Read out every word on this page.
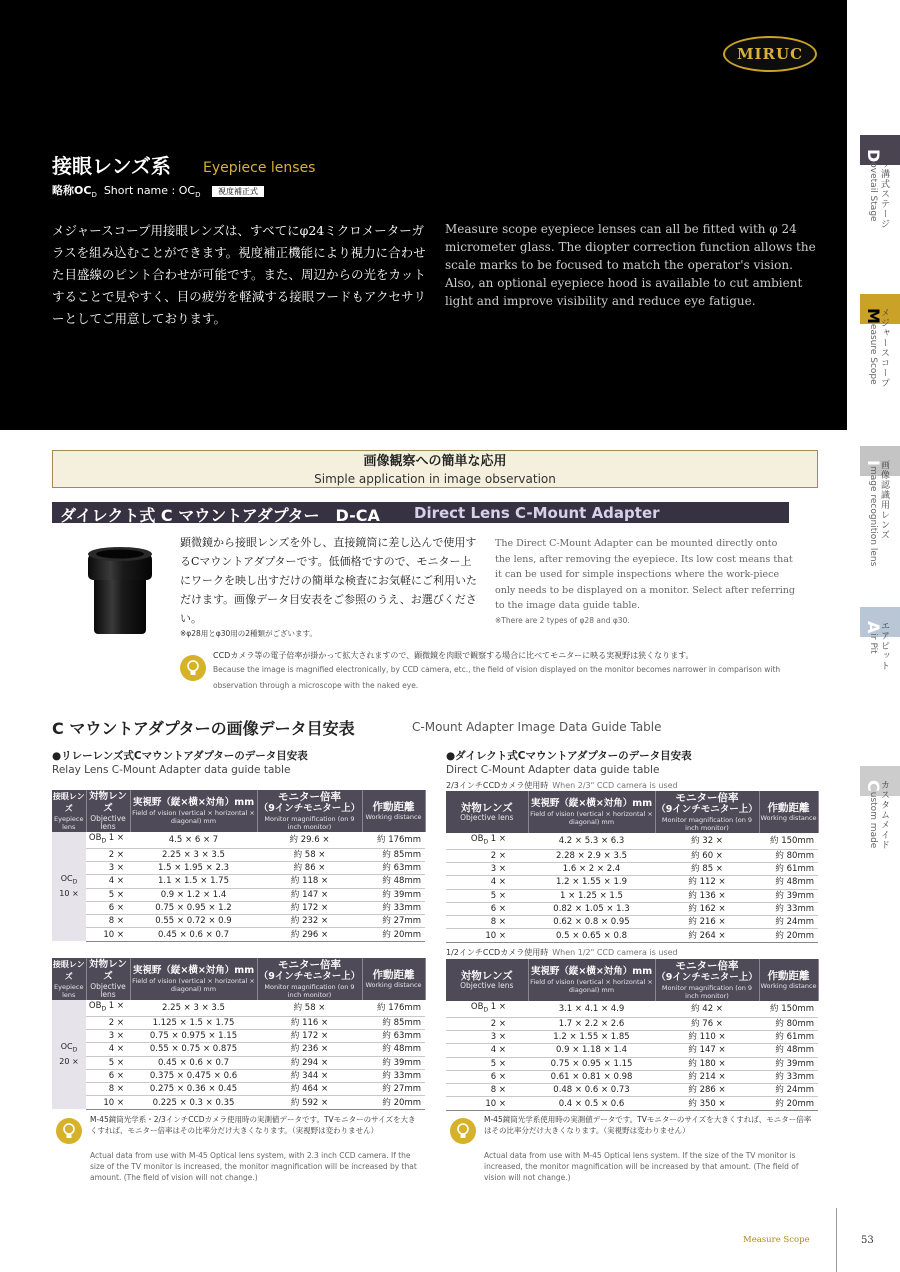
MIRUC
接眼レンズ系 Eyepiece lenses
略称$OC_D$ Short name : $OC_D$ 視度補正式
メジャースコープ用接眼レンズは、すべてにφ24ミクロメーターガラスを組み込むことができます。視度補正機能により視力に合わせた目盛線のピント合わせが可能です。また、周辺からの光をカットすることで見やすく、目の疲労を軽減する接眼フードもアクセサリーとしてご用意しております。
Measure scope eyepiece lenses can all be fitted with φ 24 micrometer glass. The diopter correction function allows the scale marks to be focused to match the operator's vision. Also, an optional eyepiece hood is available to cut ambient light and improve visibility and reduce eye fatigue.
Dovetail Stage アリ溝式ステージ
Measure Scope メジャースコープ
Image recognition lens 画像認識用レンズ
Air Pit エアピット
Custom made カスタムメイド
画像観察への簡単な応用
Simple application in image observation
ダイレクト式 C マウントアダプター　D-CA Direct Lens C-Mount Adapter
顕微鏡から接眼レンズを外し、直接鏡筒に差し込んで使用するCマウントアダプターです。低価格ですので、モニター上にワークを映し出すだけの簡単な検査にお気軽にご利用いただけます。画像データ目安表をご参照のうえ、お選びください。
※φ28用とφ30用の2種類がございます。
The Direct C-Mount Adapter can be mounted directly onto the lens, after removing the eyepiece. Its low cost means that it can be used for simple inspections where the work-piece only needs to be displayed on a monitor. Select after referring to the image data guide table.
※There are 2 types of φ28 and φ30.
CCDカメラ等の電子倍率が掛かって拡大されますので、顕微鏡を肉眼で観察する場合に比べてモニターに映る実視野は狭くなります。
Because the image is magnified electronically, by CCD camera, etc., the field of vision displayed on the monitor becomes narrower in comparison with observation through a microscope with the naked eye.
C マウントアダプターの画像データ目安表	C-Mount Adapter Image Data Guide Table
●リレーレンズ式Cマウントアダプターのデータ目安表
Relay Lens C-Mount Adapter data guide table
●ダイレクト式Cマウントアダプターのデータ目安表
Direct C-Mount Adapter data guide table
2/3インチCCDカメラ使用時 When 2/3" CCD camera is used
1/2インチCCDカメラ使用時 When 1/2" CCD camera is used
接眼レンズ
Eyepiece lens	対物レンズ
Objective lens	実視野（縦×横×対角）mm
Field of vision (vertical × horizontal × diagonal) mm	モニター倍率
（9インチモニター上）
Monitor magnification (on 9 inch monitor)	作動距離
Working distance

$OC_D$
10 ×	$OB_D$ 1 ×	4.5 × 6 × 7	約 29.6 ×	約 176mm
	2 ×	2.25 × 3 × 3.5	約 58 ×	約 85mm
	3 ×	1.5 × 1.95 × 2.3	約 86 ×	約 63mm
	4 ×	1.1 × 1.5 × 1.75	約 118 ×	約 48mm
	5 ×	0.9 × 1.2 × 1.4	約 147 ×	約 39mm
	6 ×	0.75 × 0.95 × 1.2	約 172 ×	約 33mm
	8 ×	0.55 × 0.72 × 0.9	約 232 ×	約 27mm
	10 ×	0.45 × 0.6 × 0.7	約 296 ×	約 20mm
接眼レンズ
Eyepiece lens	対物レンズ
Objective lens	実視野（縦×横×対角）mm
Field of vision (vertical × horizontal × diagonal) mm	モニター倍率
（9インチモニター上）
Monitor magnification (on 9 inch monitor)	作動距離
Working distance

$OC_D$
20 ×	$OB_D$ 1 ×	2.25 × 3 × 3.5	約 58 ×	約 176mm
	2 ×	1.125 × 1.5 × 1.75	約 116 ×	約 85mm
	3 ×	0.75 × 0.975 × 1.15	約 172 ×	約 63mm
	4 ×	0.55 × 0.75 × 0.875	約 236 ×	約 48mm
	5 ×	0.45 × 0.6 × 0.7	約 294 ×	約 39mm
	6 ×	0.375 × 0.475 × 0.6	約 344 ×	約 33mm
	8 ×	0.275 × 0.36 × 0.45	約 464 ×	約 27mm
	10 ×	0.225 × 0.3 × 0.35	約 592 ×	約 20mm
対物レンズ
Objective lens	実視野（縦×横×対角）mm
Field of vision (vertical × horizontal × diagonal) mm	モニター倍率
（9インチモニター上）
Monitor magnification (on 9 inch monitor)	作動距離
Working distance

$OB_D$ 1 ×	4.2 × 5.3 × 6.3	約 32 ×	約 150mm
2 ×	2.28 × 2.9 × 3.5	約 60 ×	約 80mm
3 ×	1.6 × 2 × 2.4	約 85 ×	約 61mm
4 ×	1.2 × 1.55 × 1.9	約 112 ×	約 48mm
5 ×	1 × 1.25 × 1.5	約 136 ×	約 39mm
6 ×	0.82 × 1.05 × 1.3	約 162 ×	約 33mm
8 ×	0.62 × 0.8 × 0.95	約 216 ×	約 24mm
10 ×	0.5 × 0.65 × 0.8	約 264 ×	約 20mm
対物レンズ
Objective lens	実視野（縦×横×対角）mm
Field of vision (vertical × horizontal × diagonal) mm	モニター倍率
（9インチモニター上）
Monitor magnification (on 9 inch monitor)	作動距離
Working distance

$OB_D$ 1 ×	3.1 × 4.1 × 4.9	約 42 ×	約 150mm
2 ×	1.7 × 2.2 × 2.6	約 76 ×	約 80mm
3 ×	1.2 × 1.55 × 1.85	約 110 ×	約 61mm
4 ×	0.9 × 1.18 × 1.4	約 147 ×	約 48mm
5 ×	0.75 × 0.95 × 1.15	約 180 ×	約 39mm
6 ×	0.61 × 0.81 × 0.98	約 214 ×	約 33mm
8 ×	0.48 × 0.6 × 0.73	約 286 ×	約 24mm
10 ×	0.4 × 0.5 × 0.6	約 350 ×	約 20mm
M-45鏡筒光学系・2/3インチCCDカメラ使用時の実測値データです。TVモニターのサイズを大きくすれば、モニター倍率はその比率分だけ大きくなります。（実視野は変わりません）
Actual data from use with M-45 Optical lens system, with 2.3 inch CCD camera. If the size of the TV monitor is increased, the monitor magnification will be increased by that amount. (The field of vision will not change.)
M-45鏡筒光学系使用時の実測値データです。TVモニターのサイズを大きくすれば、モニター倍率はその比率分だけ大きくなります。（実視野は変わりません）
Actual data from use with M-45 Optical lens system. If the size of the TV monitor is increased, the monitor magnification will be increased by that amount. (The field of vision will not change.)
Measure Scope	53
